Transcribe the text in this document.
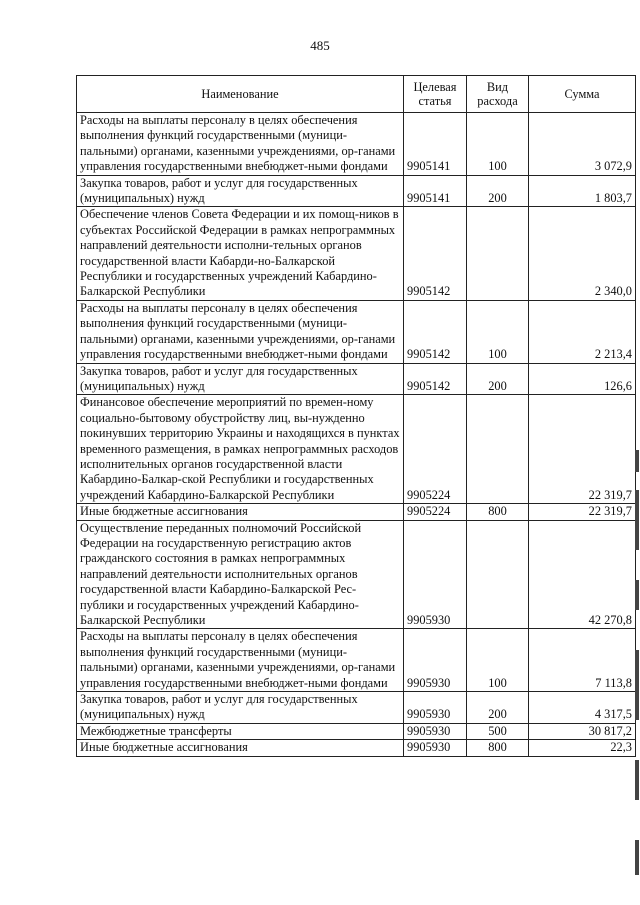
485
Наименование	Целевая статья	Вид расхода	Сумма
Расходы на выплаты персоналу в целях обеспечения выполнения функций государственными (муници-пальными) органами, казенными учреждениями, ор-ганами управления государственными внебюджет-ными фондами	9905141	100	3 072,9
Закупка товаров, работ и услуг для государственных (муниципальных) нужд	9905141	200	1 803,7
Обеспечение членов Совета Федерации и их помощ-ников в субъектах Российской Федерации в рамках непрограммных направлений деятельности исполни-тельных органов государственной власти Кабарди-но-Балкарской Республики и государственных учреждений Кабардино-Балкарской Республики	9905142		2 340,0
Расходы на выплаты персоналу в целях обеспечения выполнения функций государственными (муници-пальными) органами, казенными учреждениями, ор-ганами управления государственными внебюджет-ными фондами	9905142	100	2 213,4
Закупка товаров, работ и услуг для государственных (муниципальных) нужд	9905142	200	126,6
Финансовое обеспечение мероприятий по времен-ному социально-бытовому обустройству лиц, вы-нужденно покинувших территорию Украины и находящихся в пунктах временного размещения, в рамках непрограммных расходов исполнительных органов государственной власти Кабардино-Балкар-ской Республики и государственных учреждений Кабардино-Балкарской Республики	9905224		22 319,7
Иные бюджетные ассигнования	9905224	800	22 319,7
Осуществление переданных полномочий Российской Федерации на государственную регистрацию актов гражданского состояния в рамках непрограммных направлений деятельности исполнительных органов государственной власти Кабардино-Балкарской Рес-публики и государственных учреждений Кабардино-Балкарской Республики	9905930		42 270,8
Расходы на выплаты персоналу в целях обеспечения выполнения функций государственными (муници-пальными) органами, казенными учреждениями, ор-ганами управления государственными внебюджет-ными фондами	9905930	100	7 113,8
Закупка товаров, работ и услуг для государственных (муниципальных) нужд	9905930	200	4 317,5
Межбюджетные трансферты	9905930	500	30 817,2
Иные бюджетные ассигнования	9905930	800	22,3
